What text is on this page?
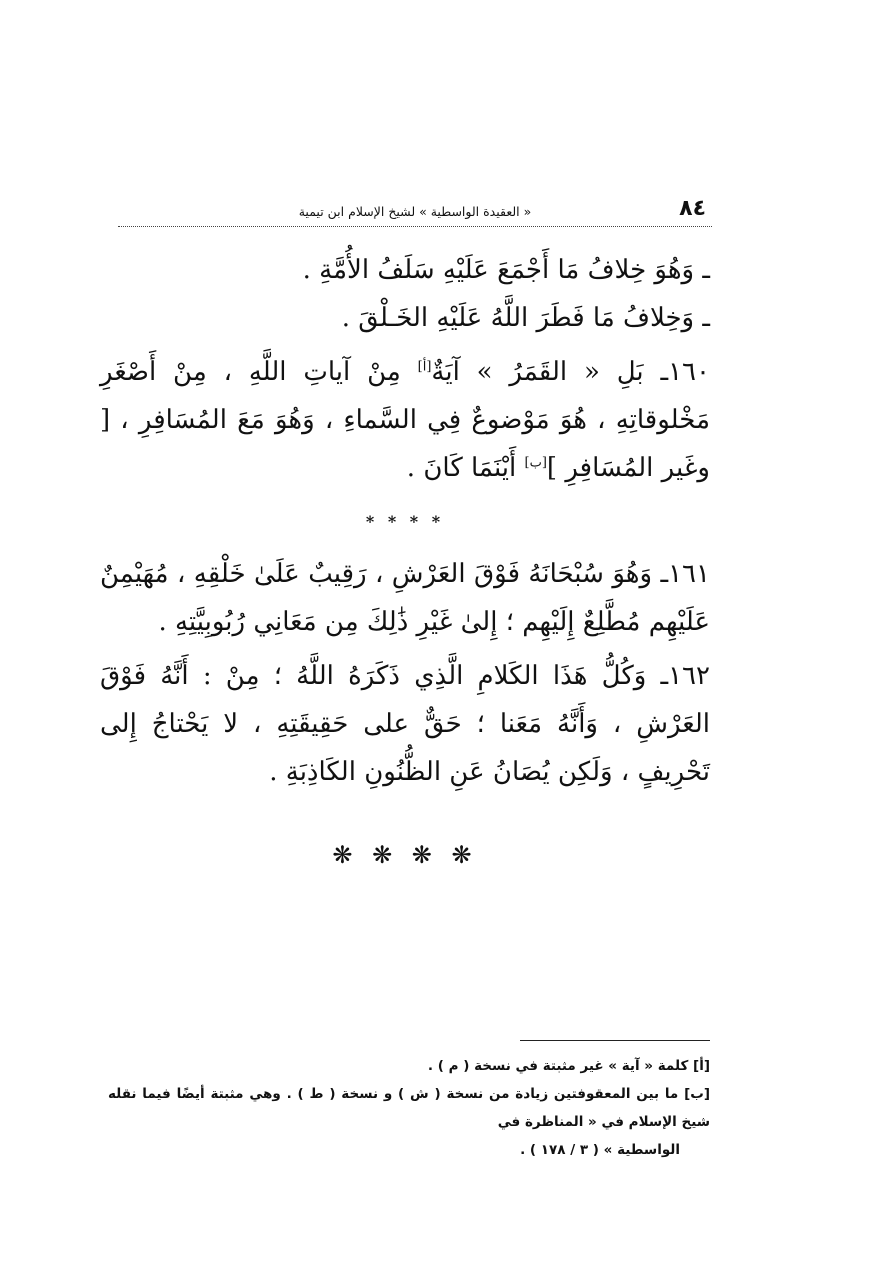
٨٤
« العقيدة الواسطية » لشيخ الإسلام ابن تيمية

ـ وَهُوَ خِلافُ مَا أَجْمَعَ عَلَيْهِ سَلَفُ الأُمَّةِ .

ـ وَخِلافُ مَا فَطَرَ اللَّهُ عَلَيْهِ الخَـلْقَ .

١٦٠ـ بَلِ « القَمَرُ » آيَةٌ[أ] مِنْ آياتِ اللَّهِ ، مِنْ أَصْغَرِ مَخْلوقاتِهِ ، هُوَ مَوْضوعٌ فِي السَّماءِ ، وَهُوَ مَعَ المُسَافِرِ ، [ وغَير المُسَافِرِ ][ب] أَيْنَمَا كَانَ .

* * * *

١٦١ـ وَهُوَ سُبْحَانَهُ فَوْقَ العَرْشِ ، رَقِيبٌ عَلَىٰ خَلْقِهِ ، مُهَيْمِنٌ عَلَيْهِم مُطَّلِعٌ إِلَيْهِم ؛ إِلىٰ غَيْرِ ذَٰلِكَ مِن مَعَانِي رُبُوبِيَّتِهِ .

١٦٢ـ وَكُلُّ هَذَا الكَلامِ الَّذِي ذَكَرَهُ اللَّهُ ؛ مِنْ : أَنَّهُ فَوْقَ العَرْشِ ، وَأَنَّهُ مَعَنا ؛ حَقٌّ على حَقِيقَتِهِ ، لا يَحْتاجُ إِلى تَحْرِيفٍ ، وَلَكِن يُصَانُ عَنِ الظُّنُونِ الكَاذِبَةِ .

❋ ❋ ❋ ❋

[أ] كلمة « آية » غير مثبتة في نسخة ( م ) .

[ب] ما بين المعقوفتين زيادة من نسخة ( ش ) و نسخة ( ط ) . وهي مثبتة أيضًا فيما نقله شيخ الإسلام في « المناظرة في

الواسطية » ( ٣ / ١٧٨ ) .
